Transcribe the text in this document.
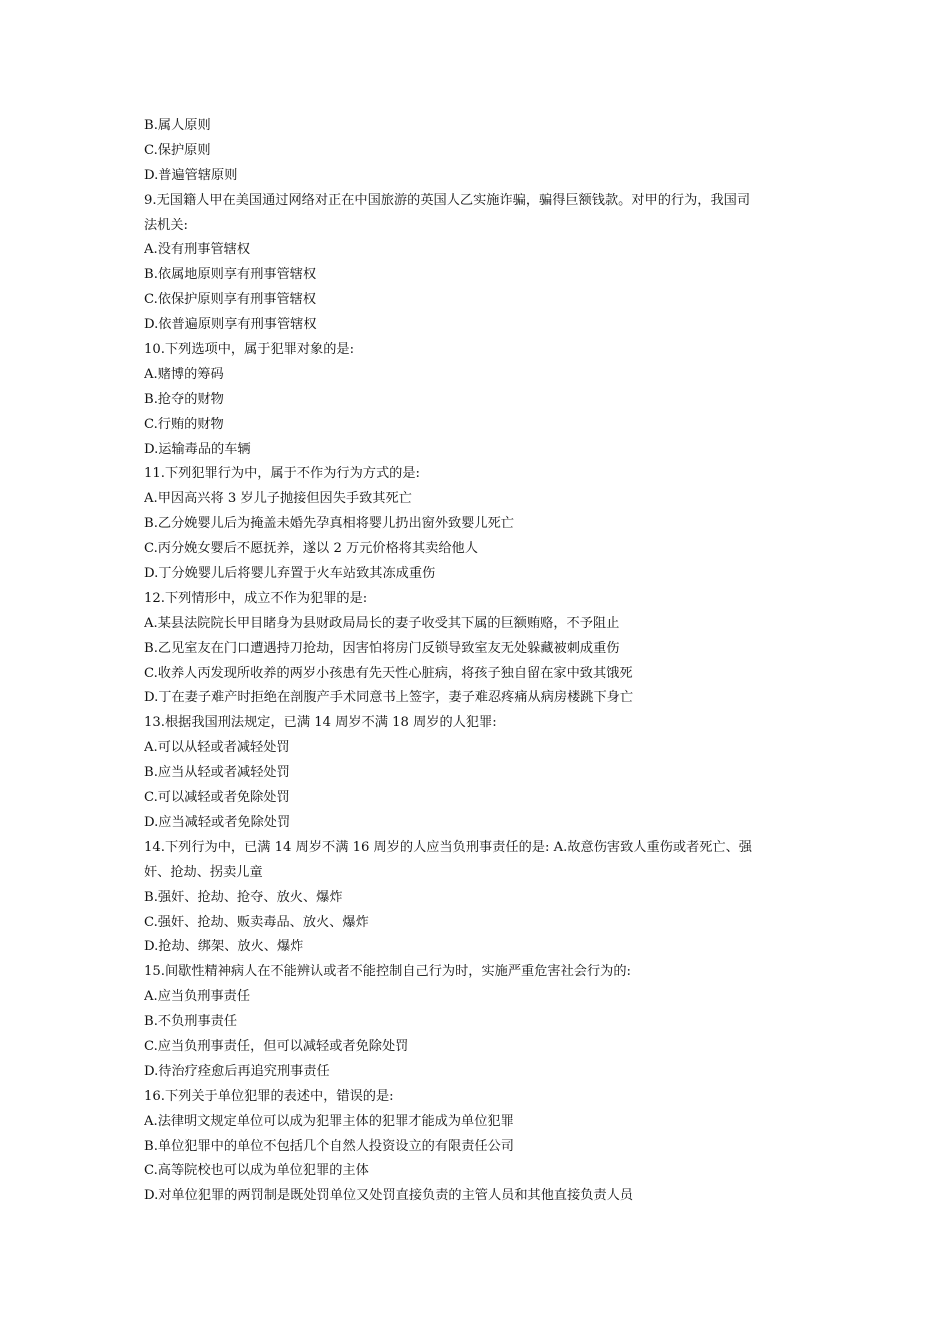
B.属人原则
C.保护原则
D.普遍管辖原则
9.无国籍人甲在美国通过网络对正在中国旅游的英国人乙实施诈骗，骗得巨额钱款。对甲的行为，我国司
法机关:
A.没有刑事管辖权
B.依属地原则享有刑事管辖权
C.依保护原则享有刑事管辖权
D.依普遍原则享有刑事管辖权
10.下列选项中，属于犯罪对象的是:
A.赌博的筹码
B.抢夺的财物
C.行贿的财物
D.运输毒品的车辆
11.下列犯罪行为中，属于不作为行为方式的是:
A.甲因高兴将 3 岁儿子抛接但因失手致其死亡
B.乙分娩婴儿后为掩盖未婚先孕真相将婴儿扔出窗外致婴儿死亡
C.丙分娩女婴后不愿抚养，遂以 2 万元价格将其卖给他人
D.丁分娩婴儿后将婴儿弃置于火车站致其冻成重伤
12.下列情形中，成立不作为犯罪的是:
A.某县法院院长甲目睹身为县财政局局长的妻子收受其下属的巨额贿赂，不予阻止
B.乙见室友在门口遭遇持刀抢劫，因害怕将房门反锁导致室友无处躲藏被刺成重伤
C.收养人丙发现所收养的两岁小孩患有先天性心脏病，将孩子独自留在家中致其饿死
D.丁在妻子难产时拒绝在剖腹产手术同意书上签字，妻子难忍疼痛从病房楼跳下身亡
13.根据我国刑法规定，已满 14 周岁不满 18 周岁的人犯罪:
A.可以从轻或者减轻处罚
B.应当从轻或者减轻处罚
C.可以减轻或者免除处罚
D.应当减轻或者免除处罚
14.下列行为中，已满 14 周岁不满 16 周岁的人应当负刑事责任的是: A.故意伤害致人重伤或者死亡、强
奸、抢劫、拐卖儿童
B.强奸、抢劫、抢夺、放火、爆炸
C.强奸、抢劫、贩卖毒品、放火、爆炸
D.抢劫、绑架、放火、爆炸
15.间歇性精神病人在不能辨认或者不能控制自己行为时，实施严重危害社会行为的:
A.应当负刑事责任
B.不负刑事责任
C.应当负刑事责任，但可以减轻或者免除处罚
D.待治疗痊愈后再追究刑事责任
16.下列关于单位犯罪的表述中，错误的是:
A.法律明文规定单位可以成为犯罪主体的犯罪才能成为单位犯罪
B.单位犯罪中的单位不包括几个自然人投资设立的有限责任公司
C.高等院校也可以成为单位犯罪的主体
D.对单位犯罪的两罚制是既处罚单位又处罚直接负责的主管人员和其他直接负责人员
